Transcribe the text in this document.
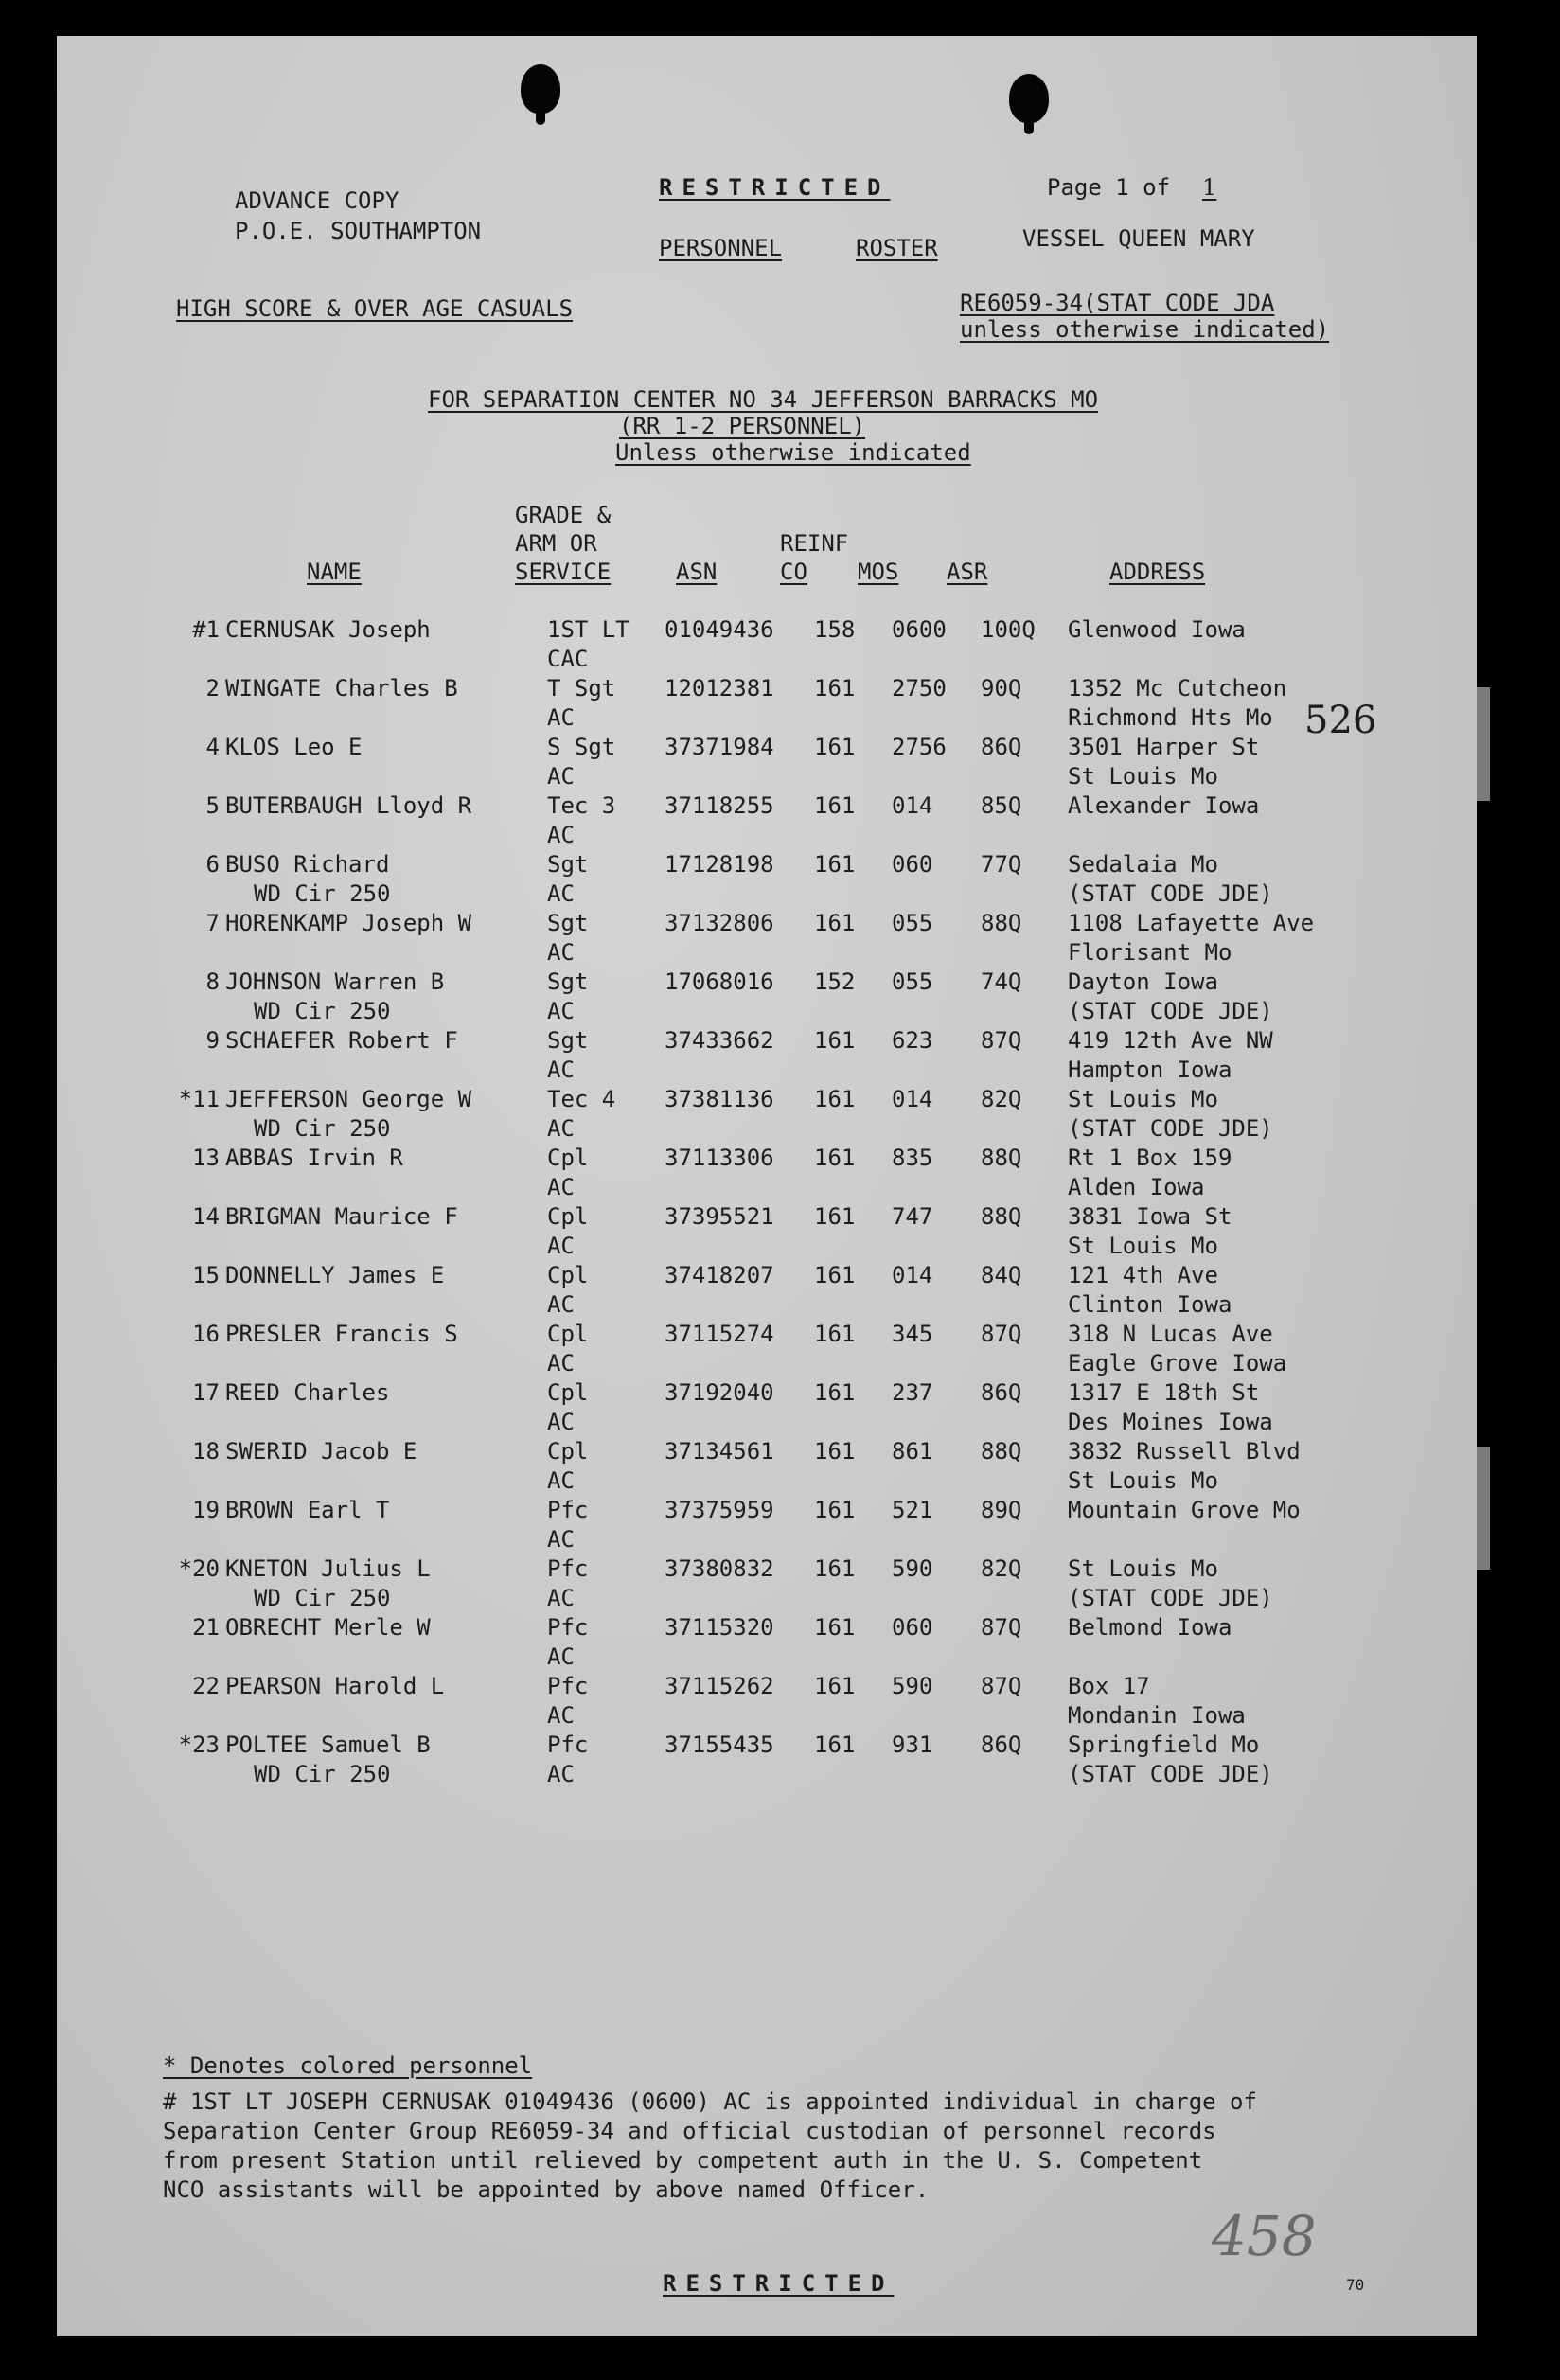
ADVANCE COPY
P.O.E. SOUTHAMPTON
RESTRICTED	Page 1 of 1
PERSONNEL	ROSTER	VESSEL QUEEN MARY
HIGH SCORE & OVER AGE CASUALS	RE6059-34(STAT CODE JDA
unless otherwise indicated)
FOR SEPARATION CENTER NO 34 JEFFERSON BARRACKS MO
(RR 1-2 PERSONNEL)
Unless otherwise indicated
526
GRADE &
ARM OR
SERVICE
NAME	ASN
REINF
CO MOS ASR	ADDRESS
#1	CERNUSAK Joseph	1ST LT	01049436	158	0600	100Q	Glenwood Iowa
		CAC					
2	WINGATE Charles B	T Sgt	12012381	161	2750	90Q	1352 Mc Cutcheon
		AC					Richmond Hts Mo
4	KLOS Leo E	S Sgt	37371984	161	2756	86Q	3501 Harper St
		AC					St Louis Mo
5	BUTERBAUGH Lloyd R	Tec 3	37118255	161	014	85Q	Alexander Iowa
		AC					
6	BUSO Richard	Sgt	17128198	161	060	77Q	Sedalaia Mo
	WD Cir 250	AC					(STAT CODE JDE)
7	HORENKAMP Joseph W	Sgt	37132806	161	055	88Q	1108 Lafayette Ave
		AC					Florisant Mo
8	JOHNSON Warren B	Sgt	17068016	152	055	74Q	Dayton Iowa
	WD Cir 250	AC					(STAT CODE JDE)
9	SCHAEFER Robert F	Sgt	37433662	161	623	87Q	419 12th Ave NW
		AC					Hampton Iowa
*11	JEFFERSON George W	Tec 4	37381136	161	014	82Q	St Louis Mo
	WD Cir 250	AC					(STAT CODE JDE)
13	ABBAS Irvin R	Cpl	37113306	161	835	88Q	Rt 1 Box 159
		AC					Alden Iowa
14	BRIGMAN Maurice F	Cpl	37395521	161	747	88Q	3831 Iowa St
		AC					St Louis Mo
15	DONNELLY James E	Cpl	37418207	161	014	84Q	121 4th Ave
		AC					Clinton Iowa
16	PRESLER Francis S	Cpl	37115274	161	345	87Q	318 N Lucas Ave
		AC					Eagle Grove Iowa
17	REED Charles	Cpl	37192040	161	237	86Q	1317 E 18th St
		AC					Des Moines Iowa
18	SWERID Jacob E	Cpl	37134561	161	861	88Q	3832 Russell Blvd
		AC					St Louis Mo
19	BROWN Earl T	Pfc	37375959	161	521	89Q	Mountain Grove Mo
		AC					
*20	KNETON Julius L	Pfc	37380832	161	590	82Q	St Louis Mo
	WD Cir 250	AC					(STAT CODE JDE)
21	OBRECHT Merle W	Pfc	37115320	161	060	87Q	Belmond Iowa
		AC					
22	PEARSON Harold L	Pfc	37115262	161	590	87Q	Box 17
		AC					Mondanin Iowa
*23	POLTEE Samuel B	Pfc	37155435	161	931	86Q	Springfield Mo
	WD Cir 250	AC					(STAT CODE JDE)
* Denotes colored personnel
# 1ST LT JOSEPH CERNUSAK 01049436 (0600) AC is appointed individual in charge of
Separation Center Group RE6059-34 and official custodian of personnel records
from present Station until relieved by competent auth in the U. S. Competent
NCO assistants will be appointed by above named Officer.
458
RESTRICTED	70
